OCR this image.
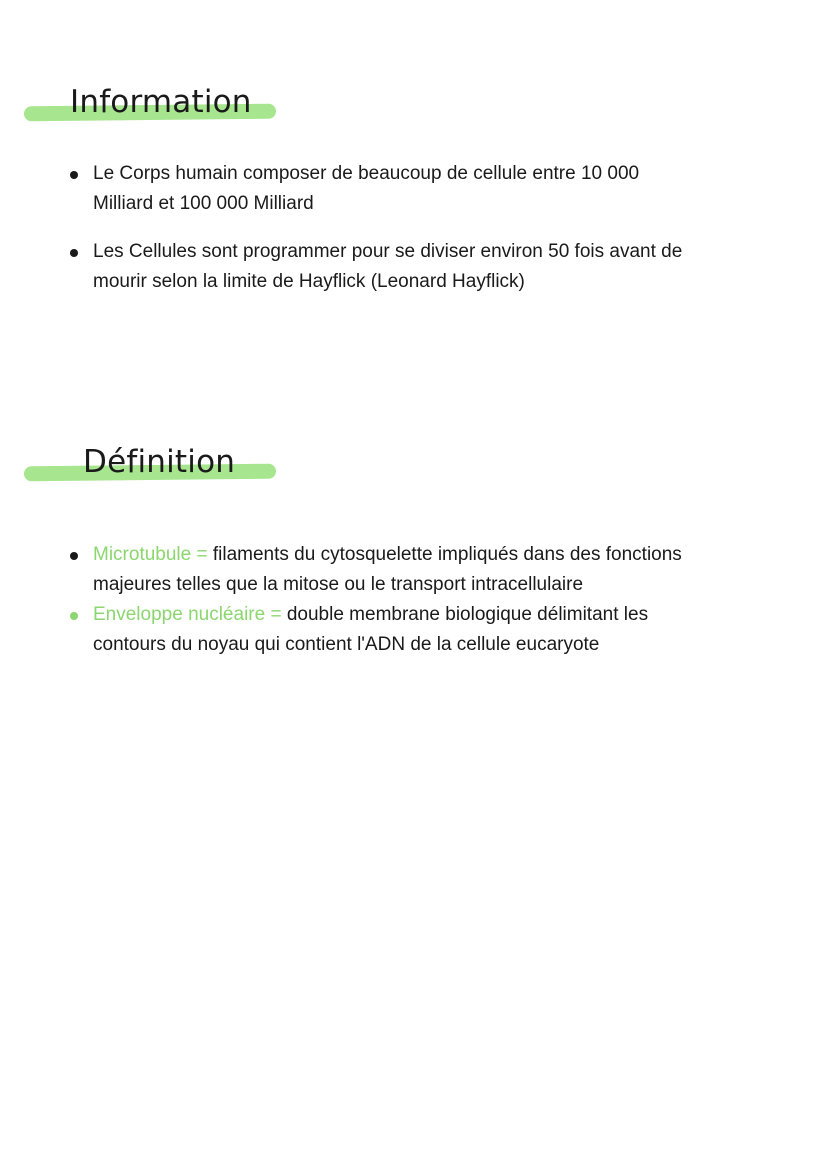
Information
Le Corps humain composer de beaucoup de cellule entre 10 000 Milliard et 100 000 Milliard
Les Cellules sont programmer pour se diviser environ 50 fois avant de mourir selon la limite de Hayflick (Leonard Hayflick)
Définition
Microtubule = filaments du cytosquelette impliqués dans des fonctions majeures telles que la mitose ou le transport intracellulaire
Enveloppe nucléaire = double membrane biologique délimitant les contours du noyau qui contient l'ADN de la cellule eucaryote
